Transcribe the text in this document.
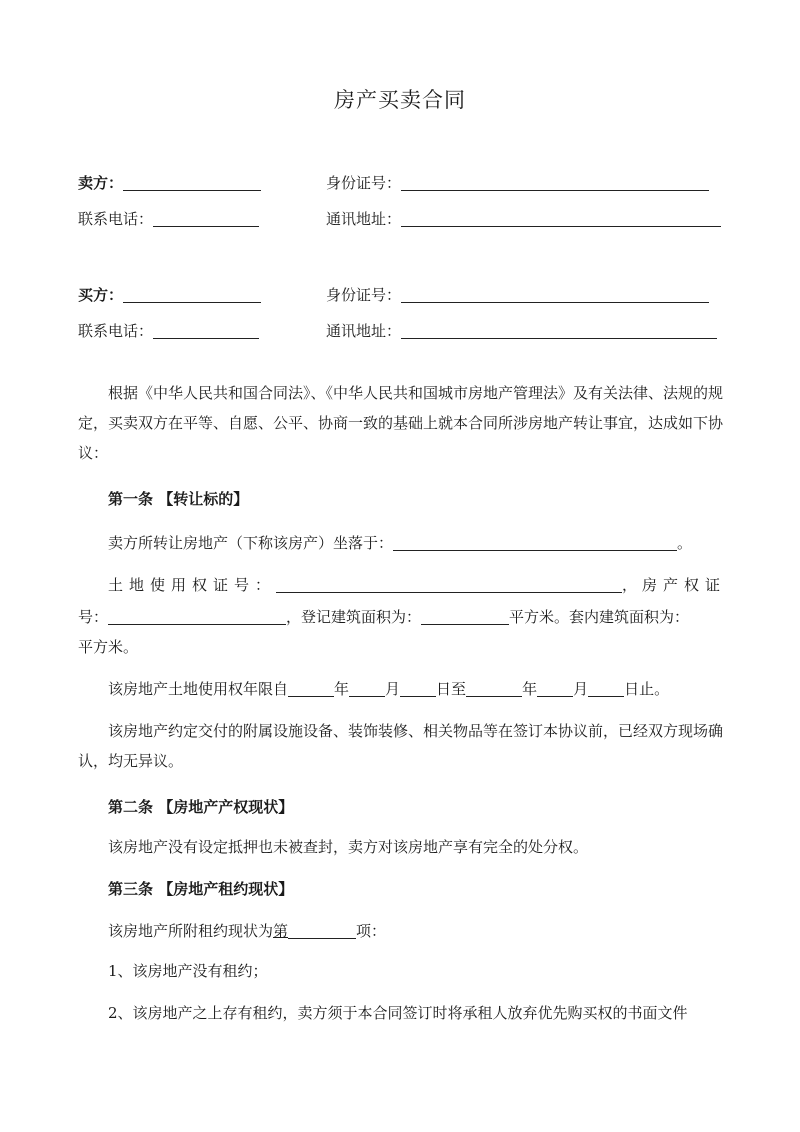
房产买卖合同
卖方：	身份证号：
联系电话：	通讯地址：
买方：	身份证号：
联系电话：	通讯地址：
根据《中华人民共和国合同法》、《中华人民共和国城市房地产管理法》及有关法律、法规的规定，买卖双方在平等、自愿、公平、协商一致的基础上就本合同所涉房地产转让事宜，达成如下协议：
第一条 【转让标的】
卖方所转让房地产（下称该房产）坐落于：	。
土地使用权证号：	， 房产权证
号：	，登记建筑面积为：	平方米。套内建筑面积为：
平方米。
该房地产土地使用权年限自	年 月 日至	年 月 日止。
该房地产约定交付的附属设施设备、装饰装修、相关物品等在签订本协议前，已经双方现场确认，均无异议。
第二条 【房地产产权现状】
该房地产没有设定抵押也未被查封，卖方对该房地产享有完全的处分权。
第三条 【房地产租约现状】
该房地产所附租约现状为第	项：
1、该房地产没有租约；
2、该房地产之上存有租约，卖方须于本合同签订时将承租人放弃优先购买权的书面文件
